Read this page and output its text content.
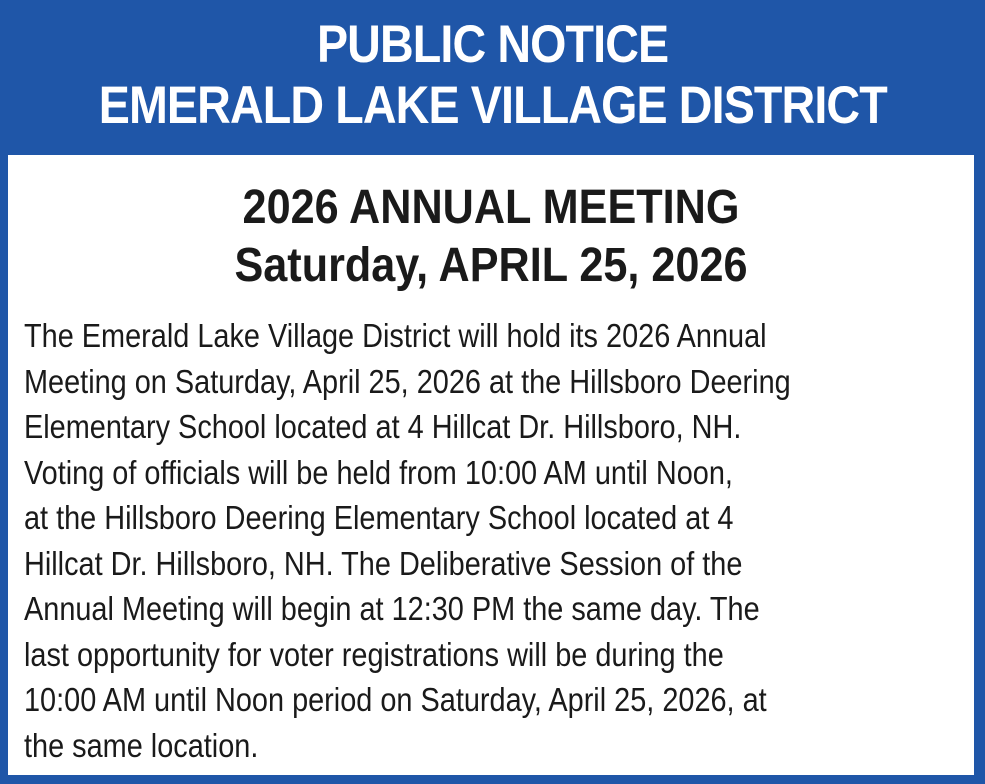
PUBLIC NOTICE
EMERALD LAKE VILLAGE DISTRICT
2026 ANNUAL MEETING
Saturday, APRIL 25, 2026
The Emerald Lake Village District will hold its 2026 Annual
Meeting on Saturday, April 25, 2026 at the Hillsboro Deering
Elementary School located at 4 Hillcat Dr. Hillsboro, NH.
Voting of officials will be held from 10:00 AM until Noon,
at the Hillsboro Deering Elementary School located at 4
Hillcat Dr. Hillsboro, NH. The Deliberative Session of the
Annual Meeting will begin at 12:30 PM the same day. The
last opportunity for voter registrations will be during the
10:00 AM until Noon period on Saturday, April 25, 2026, at
the same location.
